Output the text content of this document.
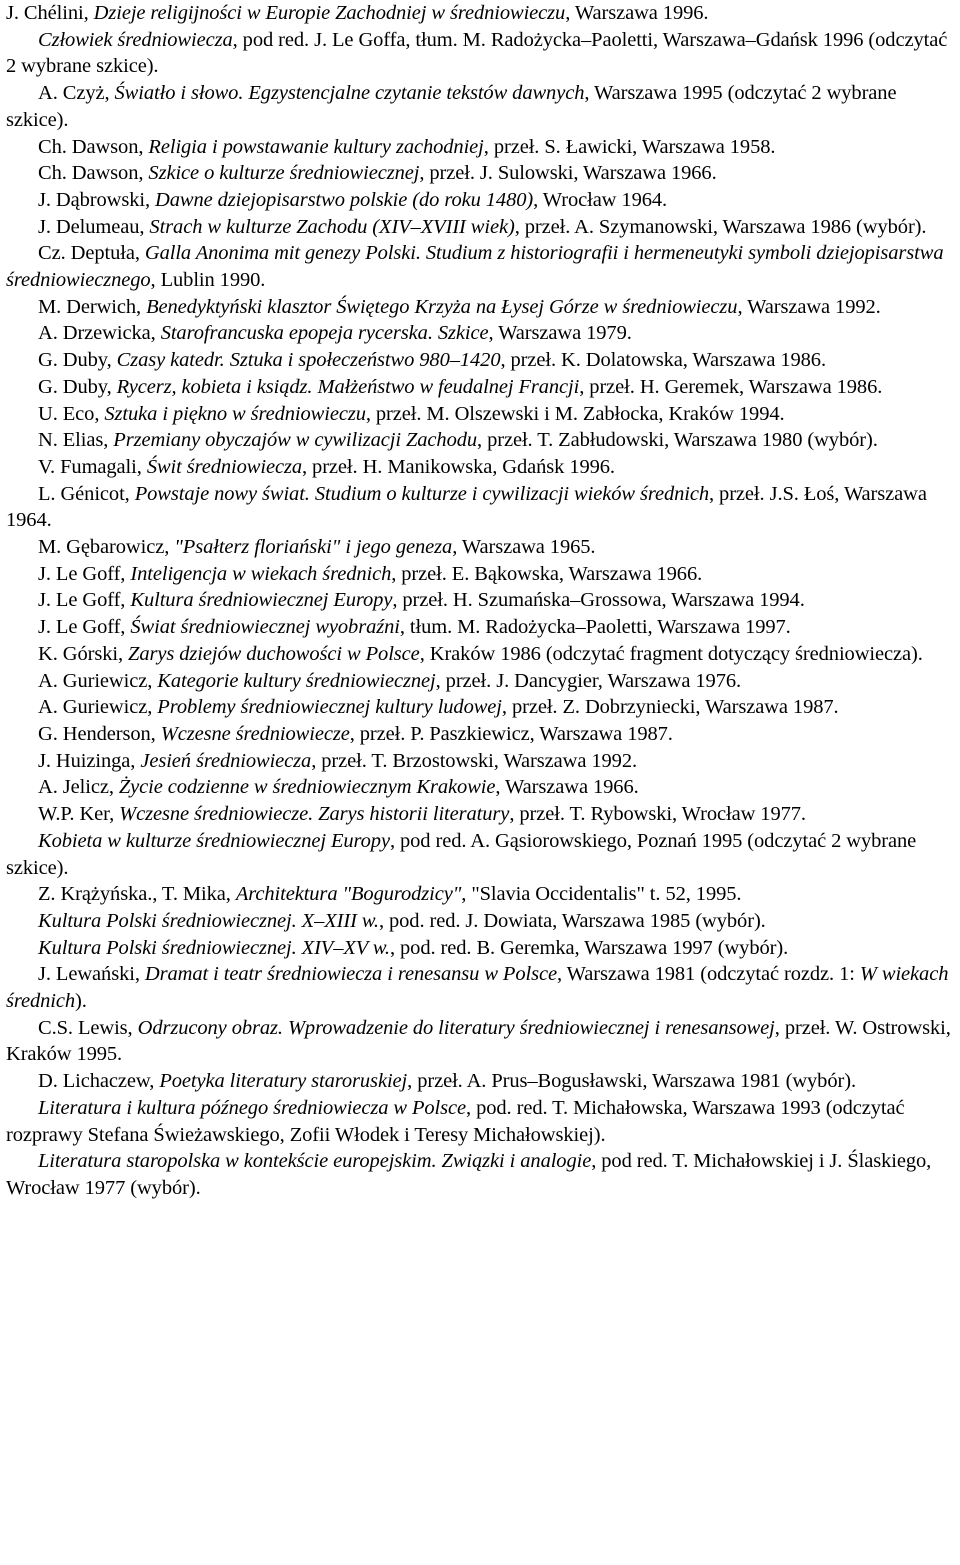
J. Chélini, Dzieje religijności w Europie Zachodniej w średniowieczu, Warszawa 1996.

Człowiek średniowiecza, pod red. J. Le Goffa, tłum. M. Radożycka–Paoletti, Warszawa–Gdańsk 1996 (odczytać 2 wybrane szkice).

A. Czyż, Światło i słowo. Egzystencjalne czytanie tekstów dawnych, Warszawa 1995 (odczytać 2 wybrane szkice).

Ch. Dawson, Religia i powstawanie kultury zachodniej, przeł. S. Ławicki, Warszawa 1958.

Ch. Dawson, Szkice o kulturze średniowiecznej, przeł. J. Sulowski, Warszawa 1966.

J. Dąbrowski, Dawne dziejopisarstwo polskie (do roku 1480), Wrocław 1964.

J. Delumeau, Strach w kulturze Zachodu (XIV–XVIII wiek), przeł. A. Szymanowski, Warszawa 1986 (wybór).

Cz. Deptuła, Galla Anonima mit genezy Polski. Studium z historiografii i hermeneutyki symboli dziejopisarstwa średniowiecznego, Lublin 1990.

M. Derwich, Benedyktyński klasztor Świętego Krzyża na Łysej Górze w średniowieczu, Warszawa 1992.

A. Drzewicka, Starofrancuska epopeja rycerska. Szkice, Warszawa 1979.

G. Duby, Czasy katedr. Sztuka i społeczeństwo 980–1420, przeł. K. Dolatowska, Warszawa 1986.

G. Duby, Rycerz, kobieta i ksiądz. Małżeństwo w feudalnej Francji, przeł. H. Geremek, Warszawa 1986.

U. Eco, Sztuka i piękno w średniowieczu, przeł. M. Olszewski i M. Zabłocka, Kraków 1994.

N. Elias, Przemiany obyczajów w cywilizacji Zachodu, przeł. T. Zabłudowski, Warszawa 1980 (wybór).

V. Fumagali, Świt średniowiecza, przeł. H. Manikowska, Gdańsk 1996.

L. Génicot, Powstaje nowy świat. Studium o kulturze i cywilizacji wieków średnich, przeł. J.S. Łoś, Warszawa 1964.

M. Gębarowicz, "Psałterz floriański" i jego geneza, Warszawa 1965.

J. Le Goff, Inteligencja w wiekach średnich, przeł. E. Bąkowska, Warszawa 1966.

J. Le Goff, Kultura średniowiecznej Europy, przeł. H. Szumańska–Grossowa, Warszawa 1994.

J. Le Goff, Świat średniowiecznej wyobraźni, tłum. M. Radożycka–Paoletti, Warszawa 1997.

K. Górski, Zarys dziejów duchowości w Polsce, Kraków 1986 (odczytać fragment dotyczący średniowiecza).

A. Guriewicz, Kategorie kultury średniowiecznej, przeł. J. Dancygier, Warszawa 1976.

A. Guriewicz, Problemy średniowiecznej kultury ludowej, przeł. Z. Dobrzyniecki, Warszawa 1987.

G. Henderson, Wczesne średniowiecze, przeł. P. Paszkiewicz, Warszawa 1987.

J. Huizinga, Jesień średniowiecza, przeł. T. Brzostowski, Warszawa 1992.

A. Jelicz, Życie codzienne w średniowiecznym Krakowie, Warszawa 1966.

W.P. Ker, Wczesne średniowiecze. Zarys historii literatury, przeł. T. Rybowski, Wrocław 1977.

Kobieta w kulturze średniowiecznej Europy, pod red. A. Gąsiorowskiego, Poznań 1995 (odczytać 2 wybrane szkice).

Z. Krążyńska., T. Mika, Architektura "Bogurodzicy", "Slavia Occidentalis" t. 52, 1995.

Kultura Polski średniowiecznej. X–XIII w., pod. red. J. Dowiata, Warszawa 1985 (wybór).

Kultura Polski średniowiecznej. XIV–XV w., pod. red. B. Geremka, Warszawa 1997 (wybór).

J. Lewański, Dramat i teatr średniowiecza i renesansu w Polsce, Warszawa 1981 (odczytać rozdz. 1: W wiekach średnich).

C.S. Lewis, Odrzucony obraz. Wprowadzenie do literatury średniowiecznej i renesansowej, przeł. W. Ostrowski, Kraków 1995.

D. Lichaczew, Poetyka literatury staroruskiej, przeł. A. Prus–Bogusławski, Warszawa 1981 (wybór).

Literatura i kultura późnego średniowiecza w Polsce, pod. red. T. Michałowska, Warszawa 1993 (odczytać rozprawy Stefana Świeżawskiego, Zofii Włodek i Teresy Michałowskiej).

Literatura staropolska w kontekście europejskim. Związki i analogie, pod red. T. Michałowskiej i J. Ślaskiego, Wrocław 1977 (wybór).
